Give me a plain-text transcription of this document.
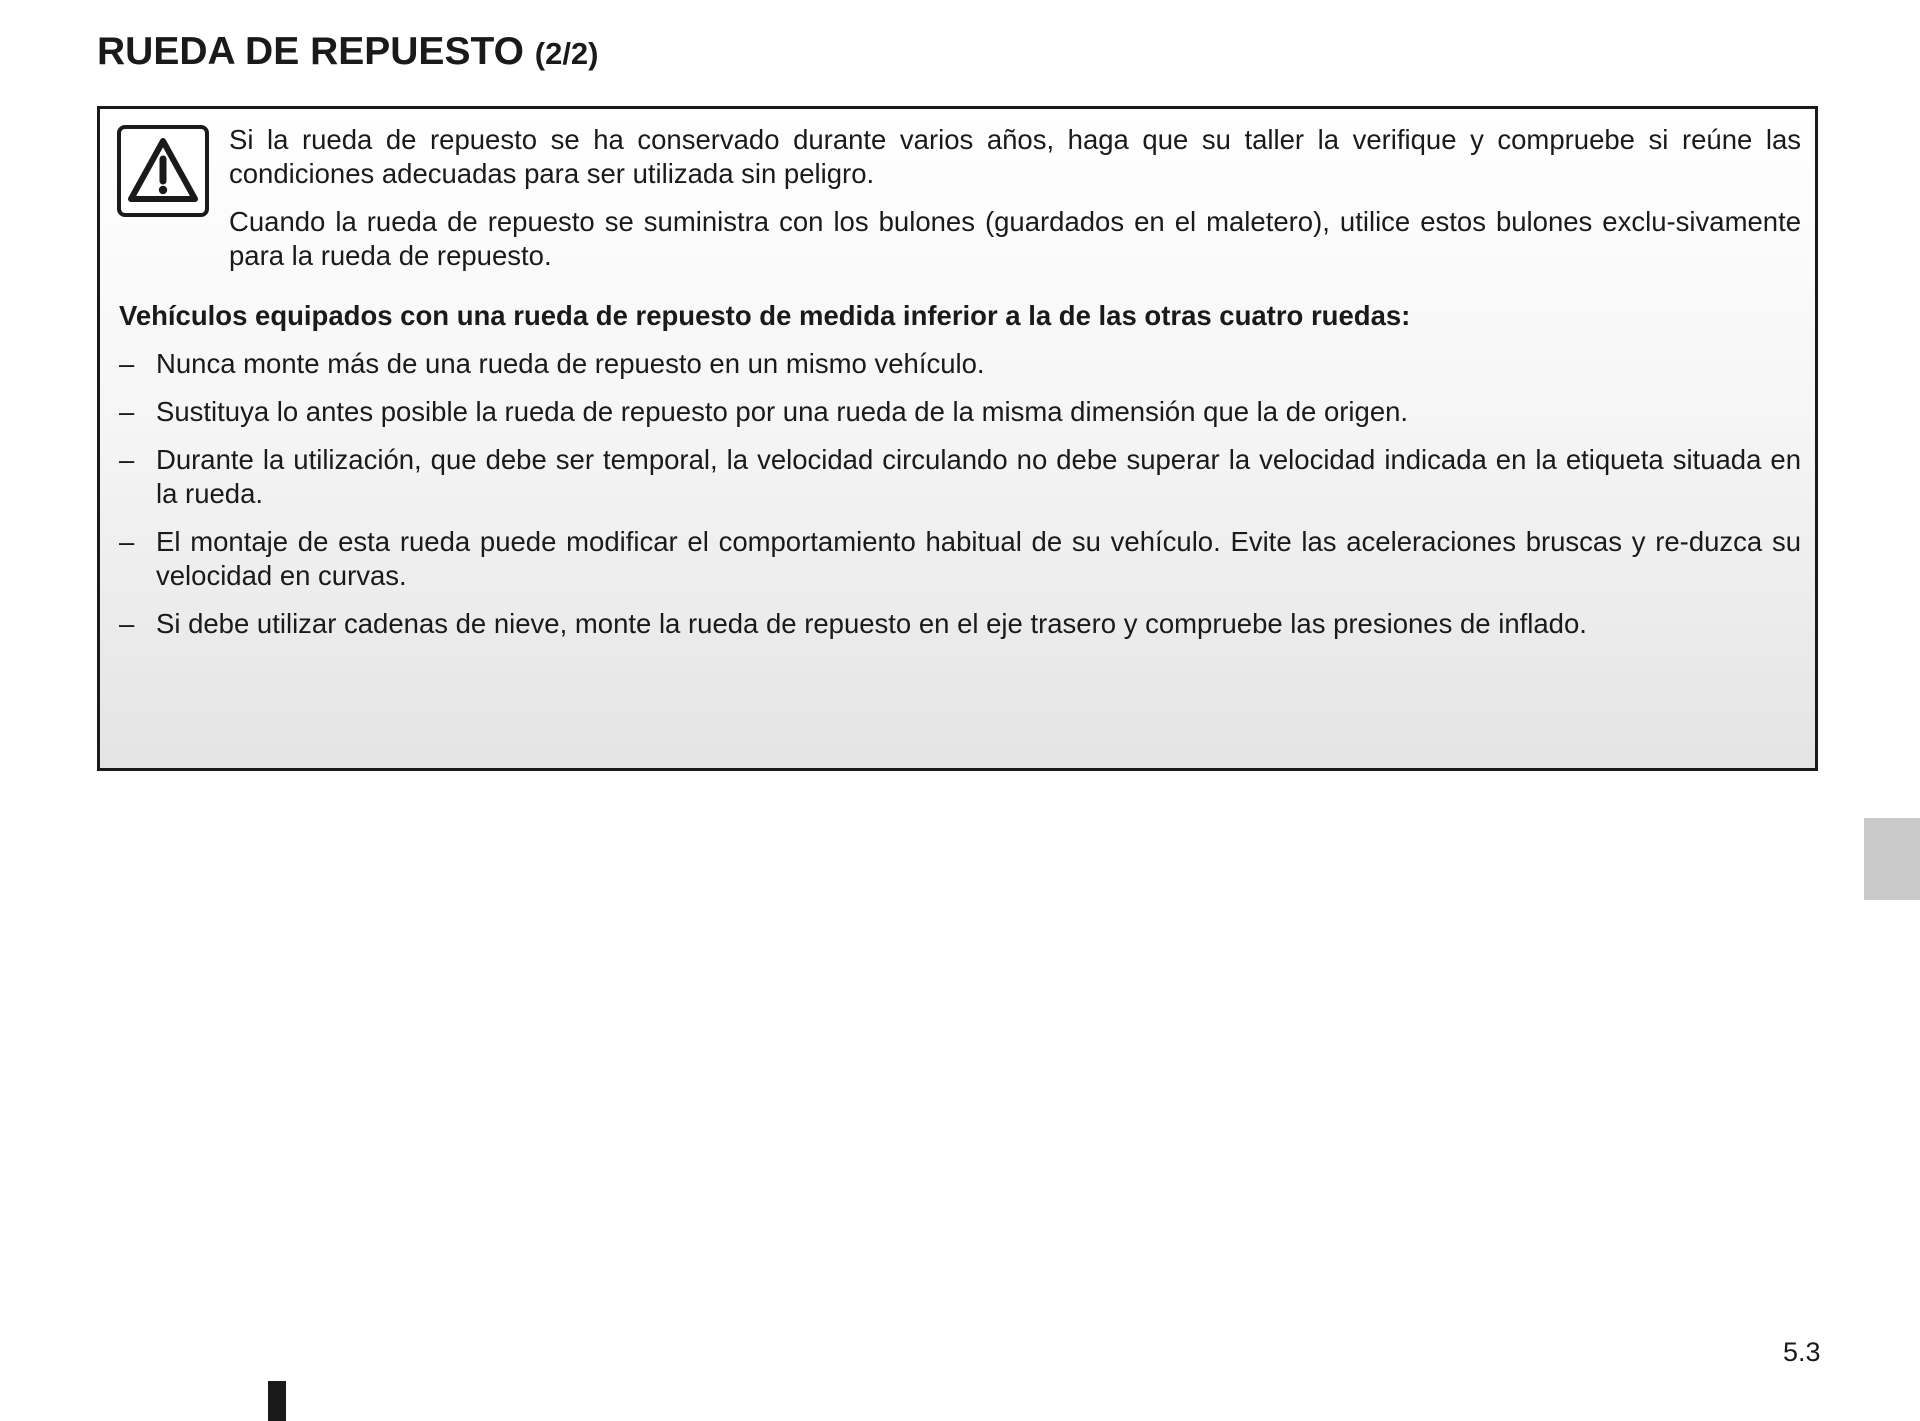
RUEDA DE REPUESTO (2/2)

Si la rueda de repuesto se ha conservado durante varios años, haga que su taller la verifique y compruebe si reúne las condiciones adecuadas para ser utilizada sin peligro.

Cuando la rueda de repuesto se suministra con los bulones (guardados en el maletero), utilice estos bulones exclu-sivamente para la rueda de repuesto.

Vehículos equipados con una rueda de repuesto de medida inferior a la de las otras cuatro ruedas:
– Nunca monte más de una rueda de repuesto en un mismo vehículo.
– Sustituya lo antes posible la rueda de repuesto por una rueda de la misma dimensión que la de origen.
– Durante la utilización, que debe ser temporal, la velocidad circulando no debe superar la velocidad indicada en la etiqueta situada en la rueda.
– El montaje de esta rueda puede modificar el comportamiento habitual de su vehículo. Evite las aceleraciones bruscas y re-duzca su velocidad en curvas.
– Si debe utilizar cadenas de nieve, monte la rueda de repuesto en el eje trasero y compruebe las presiones de inflado.
5.3
